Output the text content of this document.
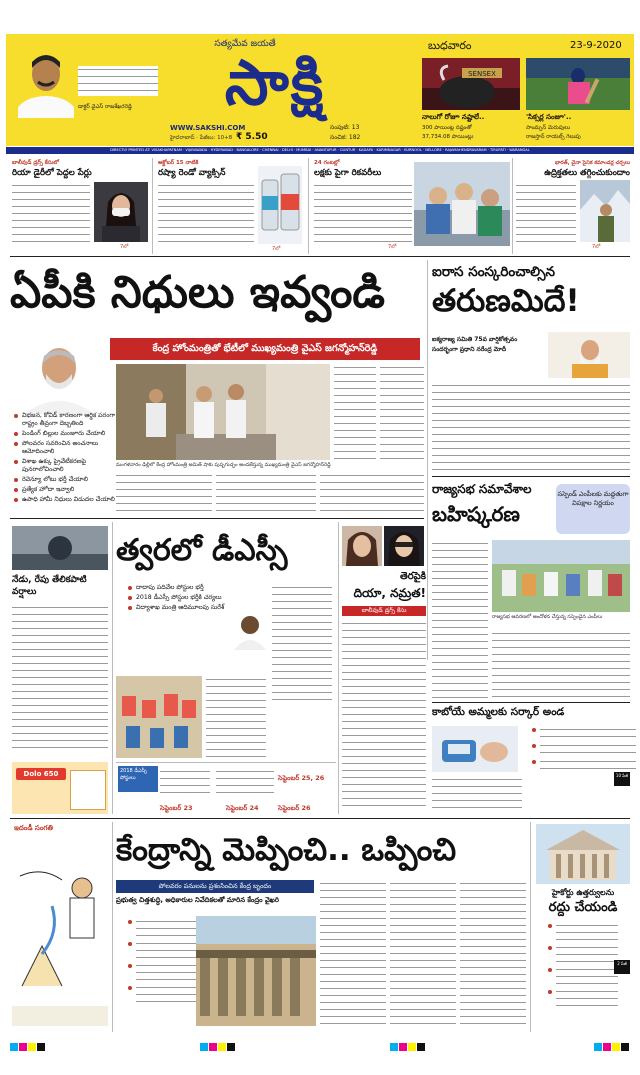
డాక్టర్ వైఎస్ రాజశేఖరరెడ్డి
సత్యమేవ జయతే
సాక్షి
WWW.SAKSHI.COM
హైదరాబాద్ · పేజీలు: 10+8 ₹ 5.50
సంపుటి: 13
సంచిక: 182
బుధవారం	23-9-2020
SENSEX
నాలుగో రోజూ నష్టాలే..
300 పాయింట్ల నష్టంతో
37,734.08 పాయింట్లు
'సిక్సర్ల సంజూ'..
సాంమ్సన్ మెరుపులు
రాజస్తాన్ రాయల్స్ గెలుపు
DIRECTLY PRINTED AT: VISAKHAPATNAM · VIJAYAWADA · HYDERABAD · BANGALORE · CHENNAI · DELHI · MUMBAI · ANANTAPUR · GUNTUR · KADAPA · KARIMNAGAR · KURNOOL · NELLORE · RAJAMAHENDRAVARAM · TIRUPATI · WARANGAL
బాలీవుడ్ డ్రగ్స్ కేసులో
రియా డైరీలో పెద్దల పేర్లు
7లో
అక్టోబర్ 15 నాటికి
రష్యా రెండో వ్యాక్సిన్
7లో
24 గంటల్లో
లక్షకు పైగా రికవరీలు
7లో
భారత్, చైనా సైనిక కమాండర్ల చర్చలు
ఉద్రిక్తతలు తగ్గించుకుందాం
7లో
ఏపీకి నిధులు ఇవ్వండి
కేంద్ర హోంమంత్రితో భేటీలో ముఖ్యమంత్రి వైఎస్ జగన్మోహన్‌రెడ్డి
విభజన, కోవిడ్ కారణంగా ఆర్థిక పరంగా రాష్ట్రం తీవ్రంగా దెబ్బతింది
పెండింగ్ బిల్లుల మంజూరు చేయాలి
పోలవరం సవరించిన అంచనాలు ఆమోదించాలి
విశాఖ ఉక్కు ప్రైవేటీకరణపై పునరాలోచించాలి
రెవెన్యూ లోటు భర్తీ చేయాలి
ప్రత్యేక హోదా ఇవ్వాలి
ఉపాధి హామీ నిధులు విడుదల చేయాలి
మంగళవారం ఢిల్లీలో కేంద్ర హోంమంత్రి అమిత్ షాకు పుష్పగుచ్ఛం అందజేస్తున్న ముఖ్యమంత్రి వైఎస్ జగన్మోహన్‌రెడ్డి
ఐరాస సంస్కరించాల్సిన
తరుణమిదే!
ఐక్యరాజ్య సమితి 75వ వార్షికోత్సవం
సందర్భంగా ప్రధాని నరేంద్ర మోదీ
రాజ్యసభ సమావేశాల
బహిష్కరణ
సస్పెండ్ ఎంపీలకు మద్దతుగా విపక్షాల నిర్ణయం
రాజ్యసభ ఆవరణలో ఆందోళన చేస్తున్న సస్పెండైన ఎంపీలు
నేడు, రేపు తేలికపాటి వర్షాలు
త్వరలో డీఎస్సీ
దాదాపు పదివేల పోస్టుల భర్తీ
2018 డీఎస్సీ పోస్టుల భర్తీకి చర్యలు
విద్యాశాఖ మంత్రి ఆదిమూలపు సురేశ్
2018 డీఎస్సీ పోస్టులు
సెప్టెంబర్ 23	సెప్టెంబర్ 24
సెప్టెంబర్ 25, 26
సెప్టెంబర్ 26
తెరపైకి
దియా, నమ్రత!
బాలీవుడ్ డ్రగ్స్ కేసు
Dolo 650
కాబోయే అమ్మలకు సర్కార్ అండ
10 పేజీ
ఇదండీ సంగతి
కేంద్రాన్ని మెప్పించి.. ఒప్పించి
పోలవరం పనులను ప్రశంసించిన కేంద్ర బృందం
ప్రభుత్వ చిత్తశుద్ధి, అధికారుల నివేదికలతో మారిన కేంద్రం వైఖరి
హైకోర్టు ఉత్తర్వులను
రద్దు చేయండి
2 పేజీ
